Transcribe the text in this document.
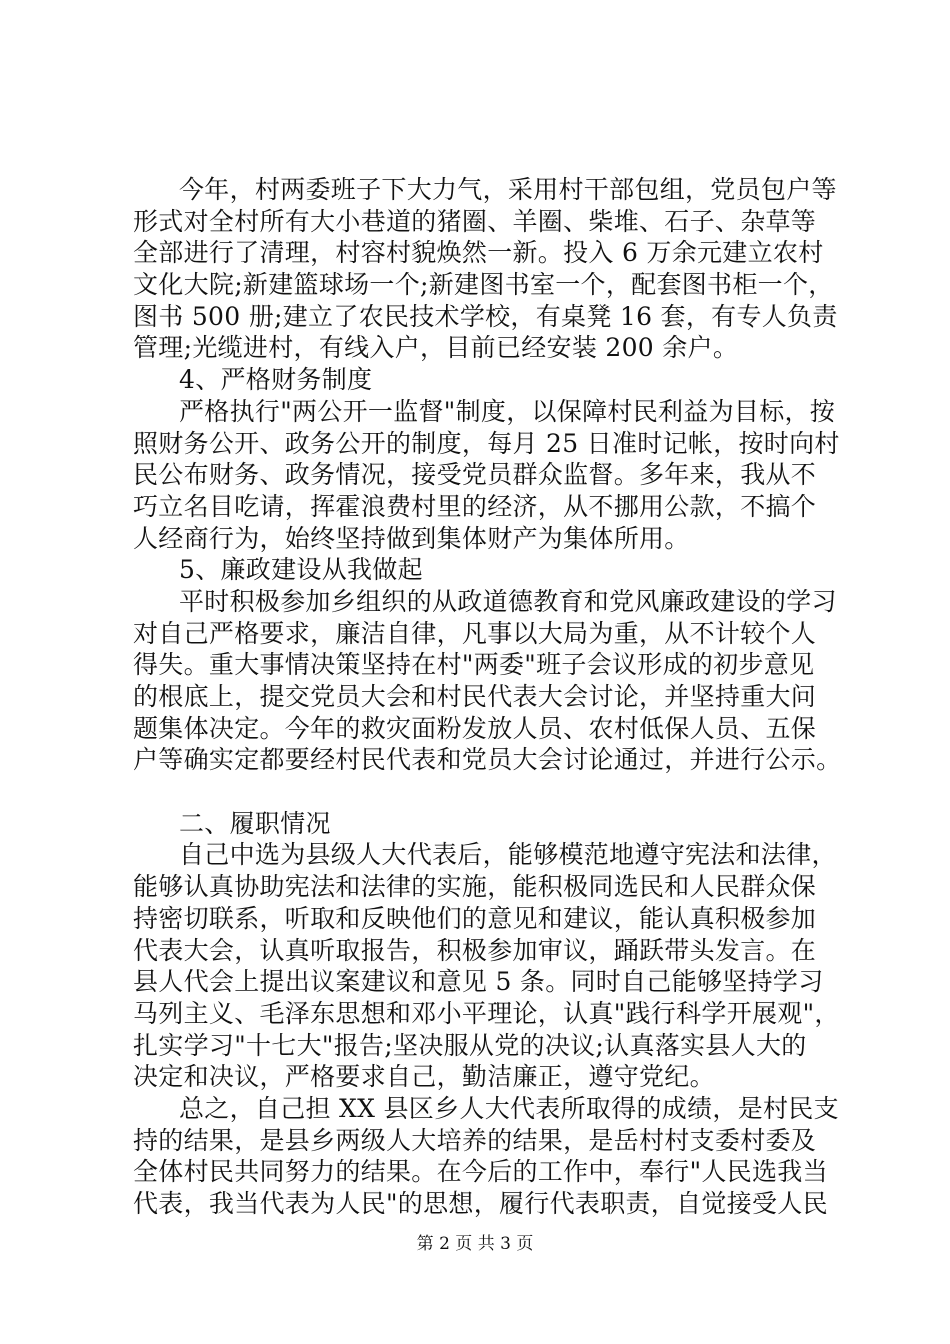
今年，村两委班子下大力气，采用村干部包组，党员包户等
形式对全村所有大小巷道的猪圈、羊圈、柴堆、石子、杂草等
全部进行了清理，村容村貌焕然一新。投入 6 万余元建立农村
文化大院;新建篮球场一个;新建图书室一个，配套图书柜一个，
图书 500 册;建立了农民技术学校，有桌凳 16 套，有专人负责
管理;光缆进村，有线入户，目前已经安装 200 余户。
4、严格财务制度
严格执行"两公开一监督"制度，以保障村民利益为目标，按
照财务公开、政务公开的制度，每月 25 日准时记帐，按时向村
民公布财务、政务情况，接受党员群众监督。多年来，我从不
巧立名目吃请，挥霍浪费村里的经济，从不挪用公款，不搞个
人经商行为，始终坚持做到集体财产为集体所用。
5、廉政建设从我做起
平时积极参加乡组织的从政道德教育和党风廉政建设的学习
对自己严格要求，廉洁自律，凡事以大局为重，从不计较个人
得失。重大事情决策坚持在村"两委"班子会议形成的初步意见
的根底上，提交党员大会和村民代表大会讨论，并坚持重大问
题集体决定。今年的救灾面粉发放人员、农村低保人员、五保
户等确实定都要经村民代表和党员大会讨论通过，并进行公示。
二、履职情况
自己中选为县级人大代表后，能够模范地遵守宪法和法律，
能够认真协助宪法和法律的实施，能积极同选民和人民群众保
持密切联系，听取和反映他们的意见和建议，能认真积极参加
代表大会，认真听取报告，积极参加审议，踊跃带头发言。在
县人代会上提出议案建议和意见 5 条。同时自己能够坚持学习
马列主义、毛泽东思想和邓小平理论，认真"践行科学开展观"，
扎实学习"十七大"报告;坚决服从党的决议;认真落实县人大的
决定和决议，严格要求自己，勤洁廉正，遵守党纪。
总之，自己担 XX 县区乡人大代表所取得的成绩，是村民支
持的结果，是县乡两级人大培养的结果，是岳村村支委村委及
全体村民共同努力的结果。在今后的工作中，奉行"人民选我当
代表，我当代表为人民"的思想，履行代表职责，自觉接受人民
第 2 页 共 3 页
